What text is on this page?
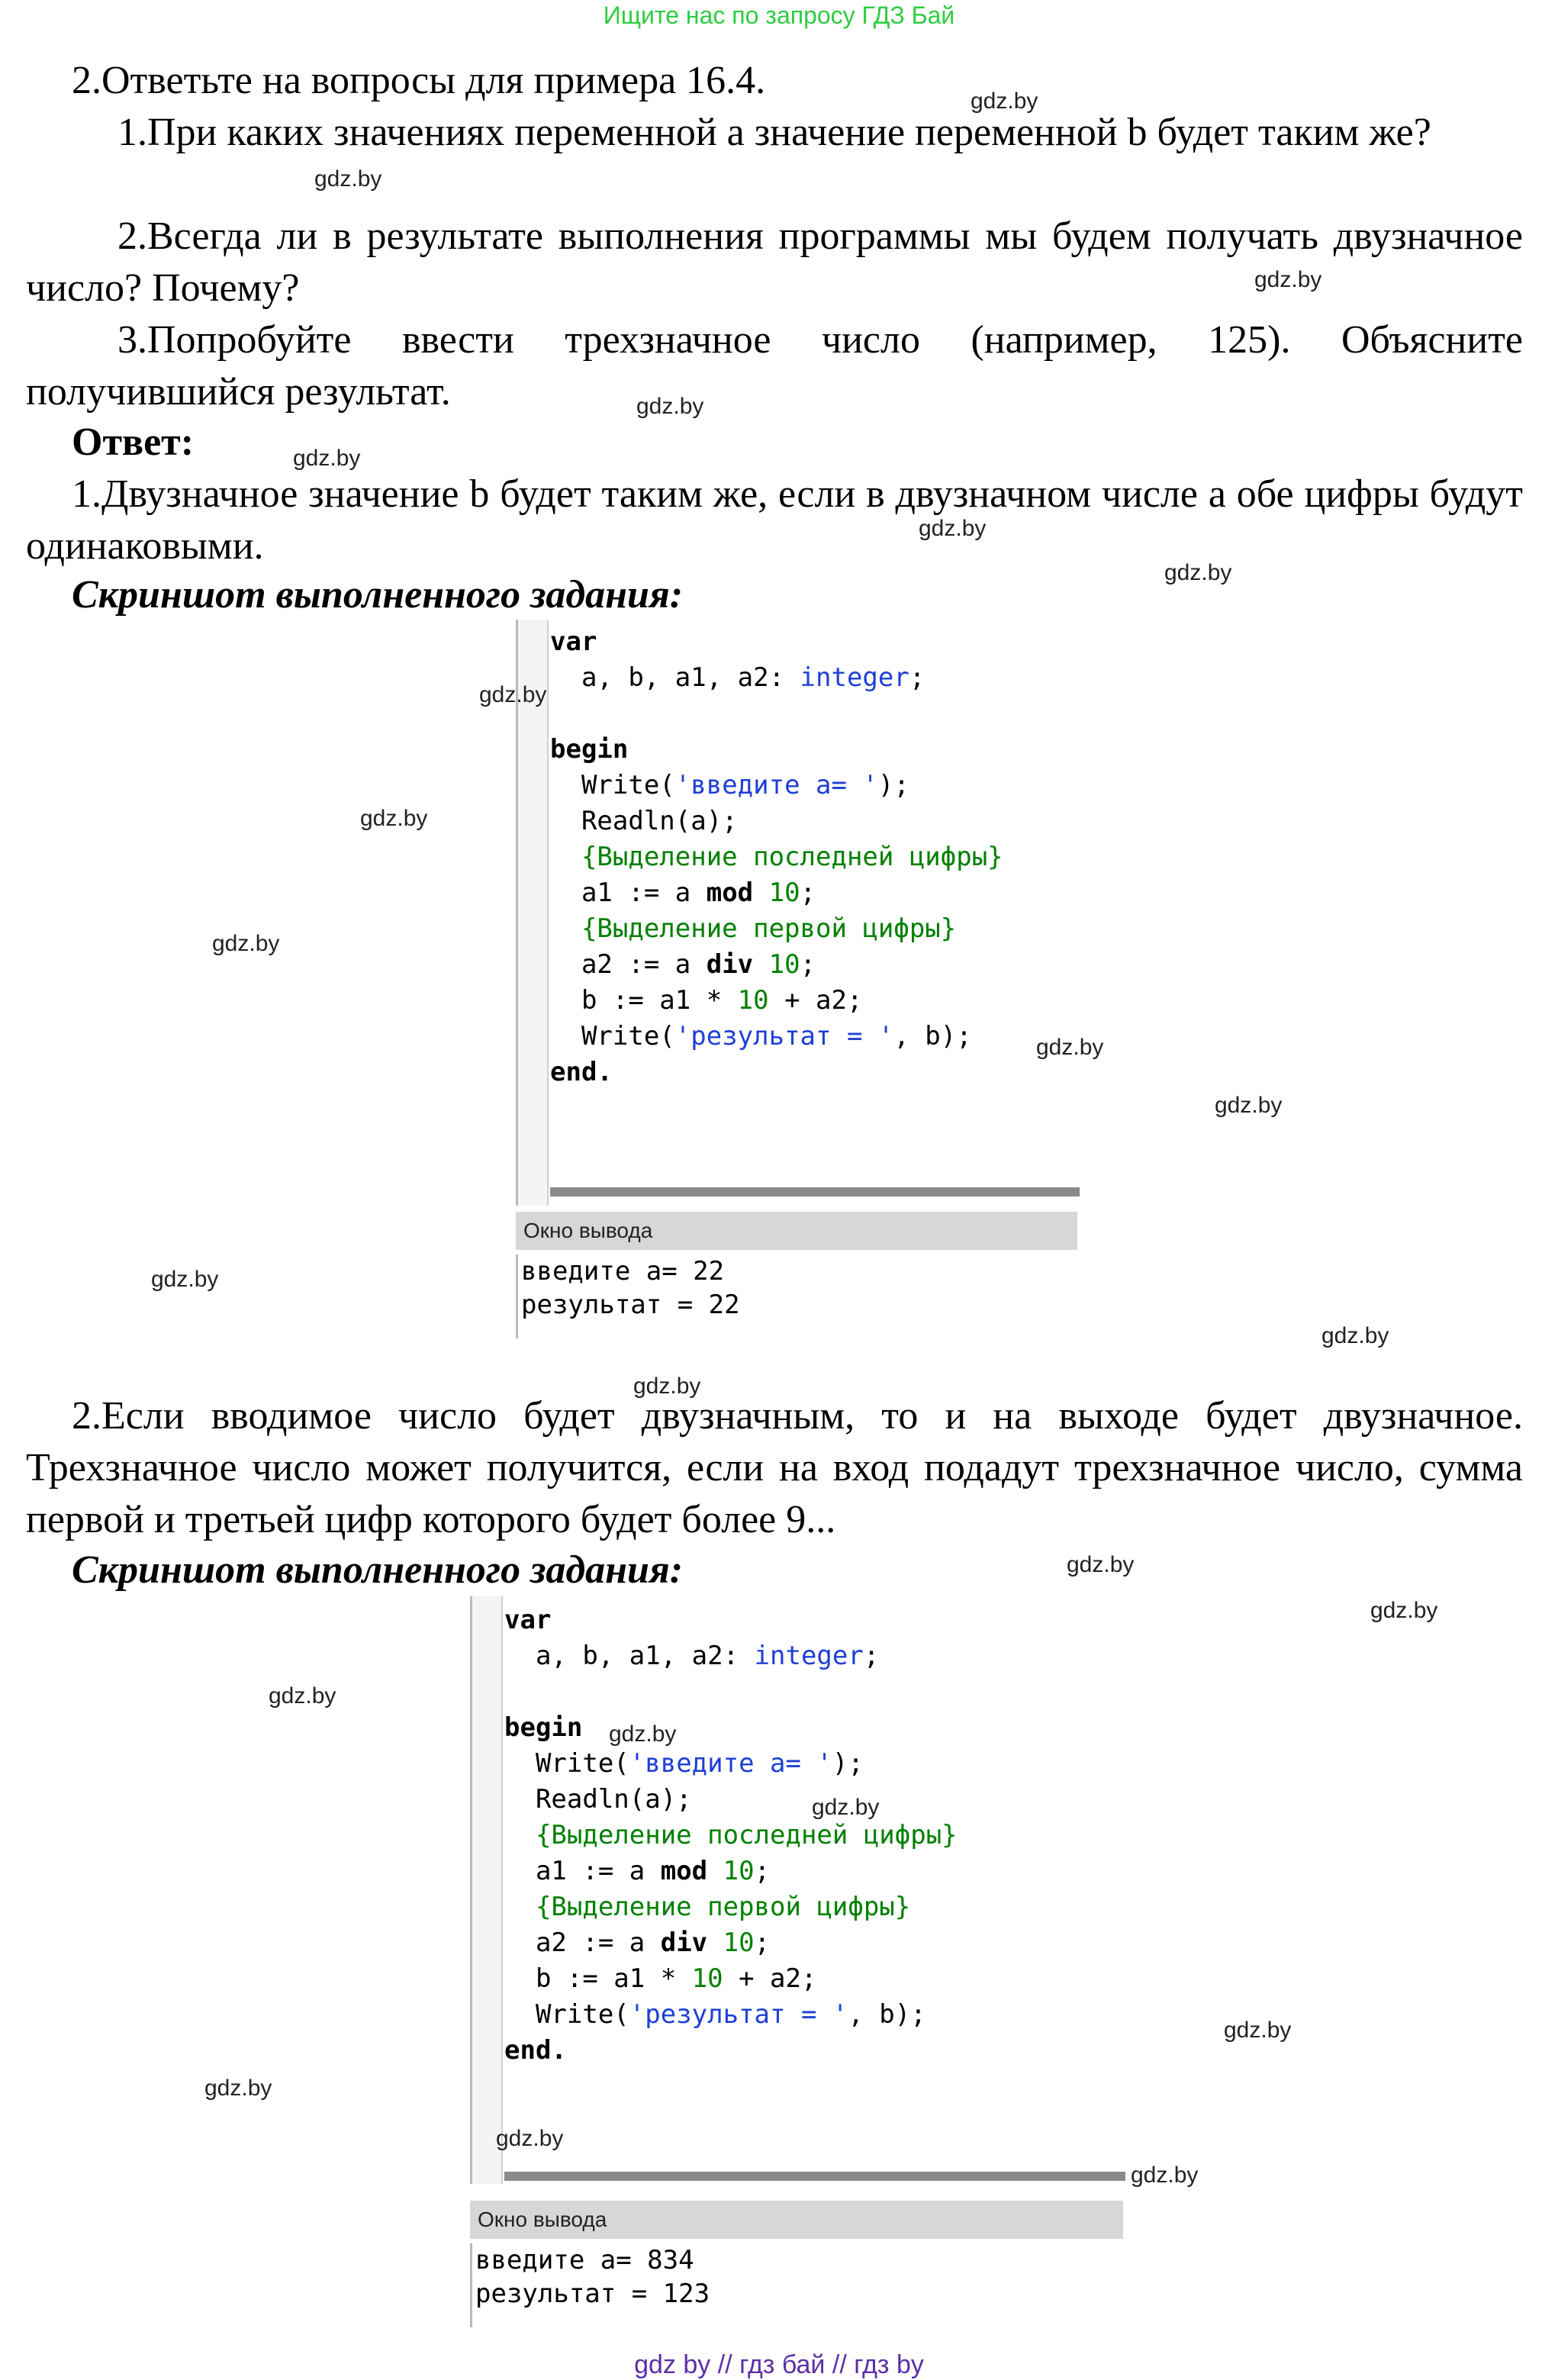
Ищите нас по запросу ГДЗ Бай

2.Ответьте на вопросы для примера 16.4.

1.При каких значениях переменной a значение переменной b будет таким же?

2.Всегда ли в результате выполнения программы мы будем получать двузначное число? Почему?

3.Попробуйте ввести трехзначное число (например, 125). Объясните получившийся результат.

Ответ:

1.Двузначное значение b будет таким же, если в двузначном числе a обе цифры будут одинаковыми.

Скриншот выполненного задания:

var
a, b, a1, a2: integer;

begin
Write('введите a= ');
Readln(a);
{Выделение последней цифры}
a1 := a mod 10;
{Выделение первой цифры}
a2 := a div 10;
b := a1 * 10 + a2;
Write('результат = ', b);
end.
Окно вывода
введите a= 22
результат = 22

2.Если вводимое число будет двузначным, то и на выходе будет двузначное. Трехзначное число может получится, если на вход подадут трехзначное число, сумма первой и третьей цифр которого будет более 9...

Скриншот выполненного задания:

var
a, b, a1, a2: integer;

begin
Write('введите a= ');
Readln(a);
{Выделение последней цифры}
a1 := a mod 10;
{Выделение первой цифры}
a2 := a div 10;
b := a1 * 10 + a2;
Write('результат = ', b);
end.
Окно вывода
введите a= 834
результат = 123
gdz.by
gdz.by
gdz.by
gdz.by
gdz.by
gdz.by
gdz.by
gdz.by
gdz.by
gdz.by
gdz.by
gdz.by
gdz.by
gdz.by
gdz.by
gdz.by
gdz.by
gdz.by
gdz.by
gdz.by
gdz.by
gdz.by
gdz.by
gdz.by
gdz by // гдз бай // гдз by
